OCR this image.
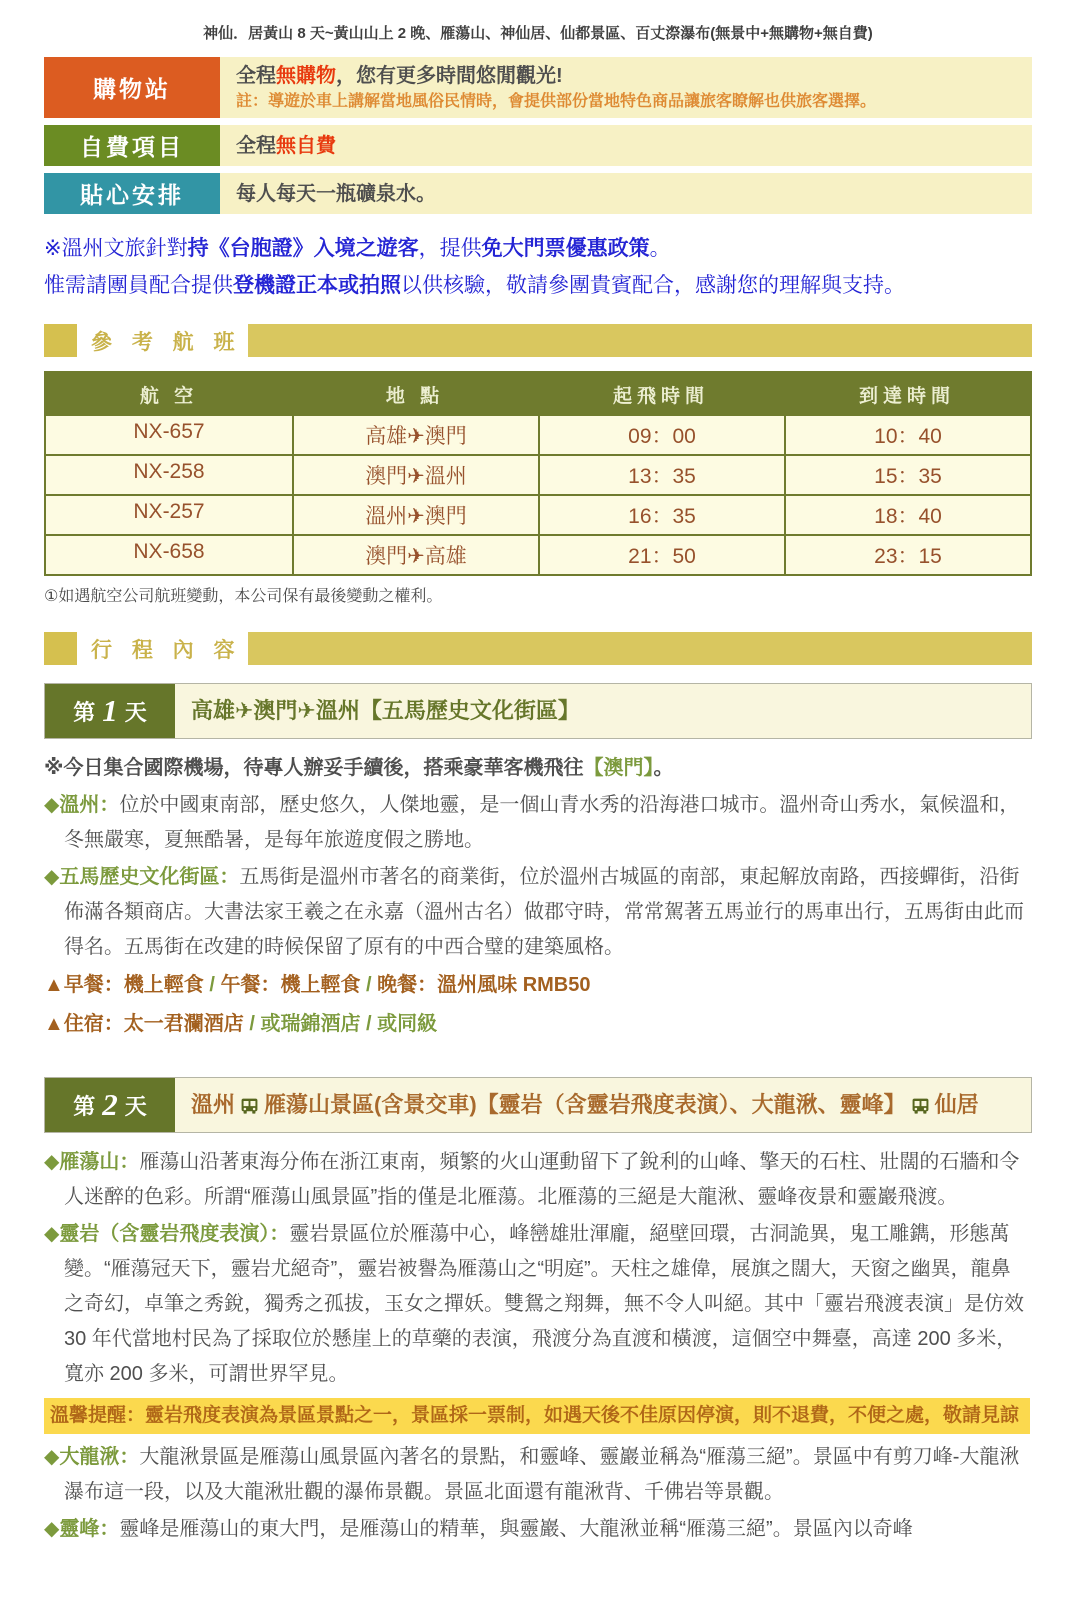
神仙．居黃山 8 天~黃山山上 2 晚、雁蕩山、神仙居、仙都景區、百丈漈瀑布(無景中+無購物+無自費)
購物站	全程無購物，您有更多時間悠閒觀光!
註：導遊於車上講解當地風俗民情時，會提供部份當地特色商品讓旅客瞭解也供旅客選擇。
自費項目	全程無自費
貼心安排	每人每天一瓶礦泉水。
※溫州文旅針對持《台胞證》入境之遊客，提供免大門票優惠政策。
惟需請團員配合提供登機證正本或拍照以供核驗，敬請參團貴賓配合，感謝您的理解與支持。
參 考 航 班
航 空	地 點	起飛時間	到達時間
NX-657	高雄✈澳門	09：00	10：40
NX-258	澳門✈溫州	13：35	15：35
NX-257	溫州✈澳門	16：35	18：40
NX-658	澳門✈高雄	21：50	23：15
①如遇航空公司航班變動，本公司保有最後變動之權利。
行 程 內 容
第 1 天 高雄✈澳門✈溫州【五馬歷史文化街區】
※今日集合國際機場，待專人辦妥手續後，搭乘豪華客機飛往【澳門】。
◆溫州：位於中國東南部，歷史悠久，人傑地靈，是一個山青水秀的沿海港口城市。溫州奇山秀水，氣候溫和，冬無嚴寒，夏無酷暑，是每年旅遊度假之勝地。
◆五馬歷史文化街區：五馬街是溫州市著名的商業街，位於溫州古城區的南部，東起解放南路，西接蟬街，沿街佈滿各類商店。大書法家王羲之在永嘉（溫州古名）做郡守時，常常駕著五馬並行的馬車出行，五馬街由此而得名。五馬街在改建的時候保留了原有的中西合璧的建築風格。
▲早餐：機上輕食 / 午餐：機上輕食 / 晚餐：溫州風味 RMB50
▲住宿：太一君瀾酒店 / 或瑞錦酒店 / 或同級
第 2 天 溫州 雁蕩山景區(含景交車)【靈岩（含靈岩飛度表演）、大龍湫、靈峰】 仙居
◆雁蕩山：雁蕩山沿著東海分佈在浙江東南，頻繁的火山運動留下了銳利的山峰、擎天的石柱、壯闊的石牆和令人迷醉的色彩。所謂“雁蕩山風景區”指的僅是北雁蕩。北雁蕩的三絕是大龍湫、靈峰夜景和靈巖飛渡。
◆靈岩（含靈岩飛度表演）：靈岩景區位於雁蕩中心，峰巒雄壯渾龐，絕壁回環，古洞詭異，鬼工雕鐫，形態萬變。“雁蕩冠天下，靈岩尤絕奇”，靈岩被譽為雁蕩山之“明庭”。天柱之雄偉，展旗之闊大，天窗之幽異，龍鼻之奇幻，卓筆之秀銳，獨秀之孤拔，玉女之撣妖。雙鴛之翔舞，無不令人叫絕。其中「靈岩飛渡表演」是仿效 30 年代當地村民為了採取位於懸崖上的草藥的表演，飛渡分為直渡和橫渡，這個空中舞臺，高達 200 多米，寬亦 200 多米，可謂世界罕見。
溫馨提醒：靈岩飛度表演為景區景點之一，景區採一票制，如遇天後不佳原因停演，則不退費，不便之處，敬請見諒
◆大龍湫：大龍湫景區是雁蕩山風景區內著名的景點，和靈峰、靈巖並稱為“雁蕩三絕”。景區中有剪刀峰-大龍湫瀑布這一段，以及大龍湫壯觀的瀑佈景觀。景區北面還有龍湫背、千佛岩等景觀。
◆靈峰：靈峰是雁蕩山的東大門，是雁蕩山的精華，與靈巖、大龍湫並稱“雁蕩三絕”。景區內以奇峰
